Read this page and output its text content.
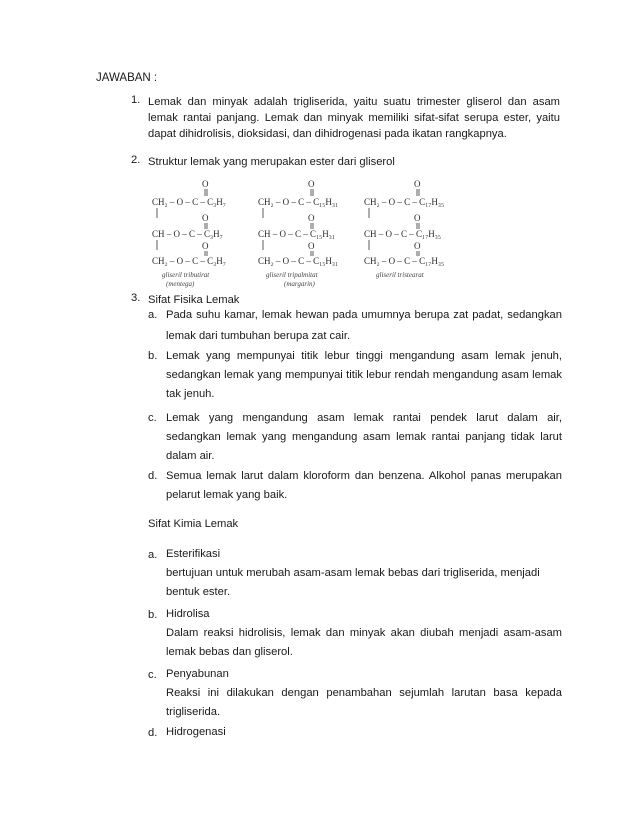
JAWABAN :
1. Lemak dan minyak adalah trigliserida, yaitu suatu trimester gliserol dan asam
lemak rantai panjang. Lemak dan minyak memiliki sifat-sifat serupa ester, yaitu
dapat dihidrolisis, dioksidasi, dan dihidrogenasi pada ikatan rangkapnya.
2. Struktur lemak yang merupakan ester dari gliserol
O
CH₂ – O – C – C₃H₇
O
CH – O – C – C₃H₇
O
CH₂ – O – C – C₃H₇
gliseril tributirat
(mentega)
O
CH₂ – O – C – C₁₅H₃₁
O
CH – O – C – C₁₅H₃₁
O
CH₂ – O – C – C₁₅H₃₁
gliseril tripalmitat
(margarin)
O
CH₂ – O – C – C₁₇H₃₅
O
CH – O – C – C₁₇H₃₅
O
CH₂ – O – C – C₁₇H₃₅
gliseril tristearat
3. Sifat Fisika Lemak
a. Pada suhu kamar, lemak hewan pada umumnya berupa zat padat, sedangkan
lemak dari tumbuhan berupa zat cair.
b. Lemak yang mempunyai titik lebur tinggi mengandung asam lemak jenuh,
sedangkan lemak yang mempunyai titik lebur rendah mengandung asam lemak
tak jenuh.
c. Lemak yang mengandung asam lemak rantai pendek larut dalam air,
sedangkan lemak yang mengandung asam lemak rantai panjang tidak larut
dalam air.
d. Semua lemak larut dalam kloroform dan benzena. Alkohol panas merupakan
pelarut lemak yang baik.
Sifat Kimia Lemak
a. Esterifikasi
bertujuan untuk merubah asam-asam lemak bebas dari trigliserida, menjadi
bentuk ester.
b. Hidrolisa
Dalam reaksi hidrolisis, lemak dan minyak akan diubah menjadi asam-asam
lemak bebas dan gliserol.
c. Penyabunan
Reaksi ini dilakukan dengan penambahan sejumlah larutan basa kepada
trigliserida.
d. Hidrogenasi
